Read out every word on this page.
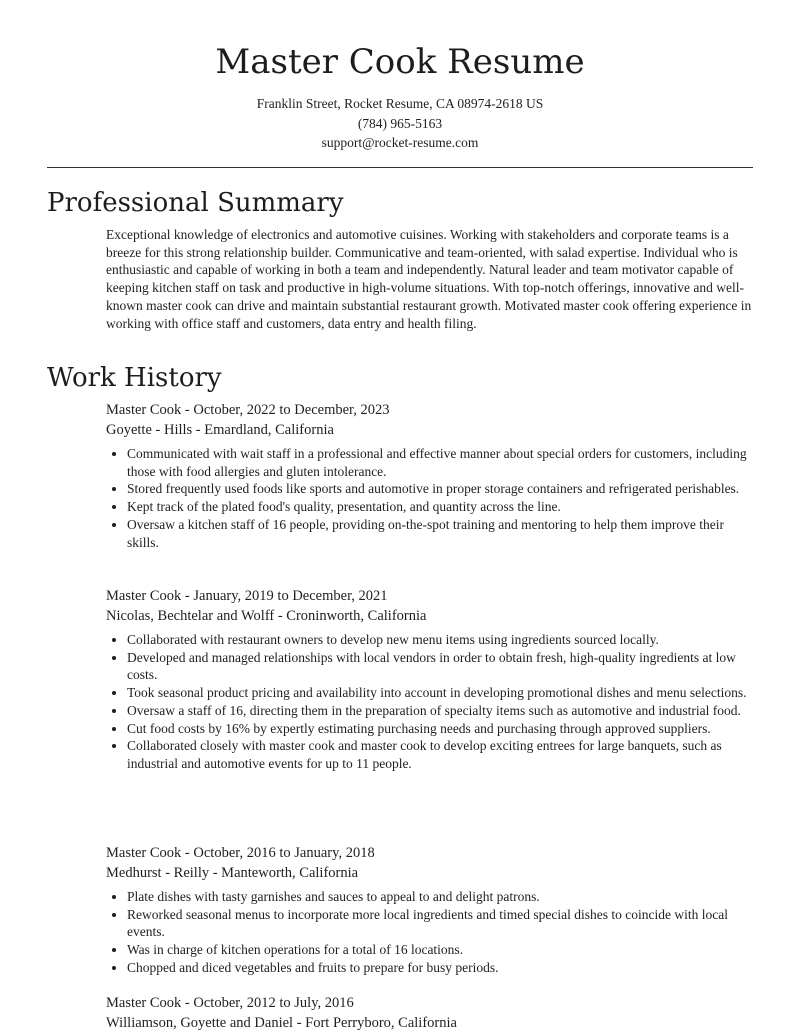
Master Cook Resume
Franklin Street, Rocket Resume, CA 08974-2618 US
(784) 965-5163
support@rocket-resume.com
Professional Summary

Exceptional knowledge of electronics and automotive cuisines. Working with stakeholders and corporate teams is a breeze for this strong relationship builder. Communicative and team-oriented, with salad expertise. Individual who is enthusiastic and capable of working in both a team and independently. Natural leader and team motivator capable of keeping kitchen staff on task and productive in high-volume situations. With top-notch offerings, innovative and well-known master cook can drive and maintain substantial restaurant growth. Motivated master cook offering experience in working with office staff and customers, data entry and health filing.

Work History
Master Cook - October, 2022 to December, 2023
Goyette - Hills - Emardland, California
• Communicated with wait staff in a professional and effective manner about special orders for customers, including those with food allergies and gluten intolerance.
• Stored frequently used foods like sports and automotive in proper storage containers and refrigerated perishables.
• Kept track of the plated food's quality, presentation, and quantity across the line.
• Oversaw a kitchen staff of 16 people, providing on-the-spot training and mentoring to help them improve their skills.
Master Cook - January, 2019 to December, 2021
Nicolas, Bechtelar and Wolff - Croninworth, California
• Collaborated with restaurant owners to develop new menu items using ingredients sourced locally.
• Developed and managed relationships with local vendors in order to obtain fresh, high-quality ingredients at low costs.
• Took seasonal product pricing and availability into account in developing promotional dishes and menu selections.
• Oversaw a staff of 16, directing them in the preparation of specialty items such as automotive and industrial food.
• Cut food costs by 16% by expertly estimating purchasing needs and purchasing through approved suppliers.
• Collaborated closely with master cook and master cook to develop exciting entrees for large banquets, such as industrial and automotive events for up to 11 people.
Master Cook - October, 2016 to January, 2018
Medhurst - Reilly - Manteworth, California
• Plate dishes with tasty garnishes and sauces to appeal to and delight patrons.
• Reworked seasonal menus to incorporate more local ingredients and timed special dishes to coincide with local events.
• Was in charge of kitchen operations for a total of 16 locations.
• Chopped and diced vegetables and fruits to prepare for busy periods.
Master Cook - October, 2012 to July, 2016
Williamson, Goyette and Daniel - Fort Perryboro, California
